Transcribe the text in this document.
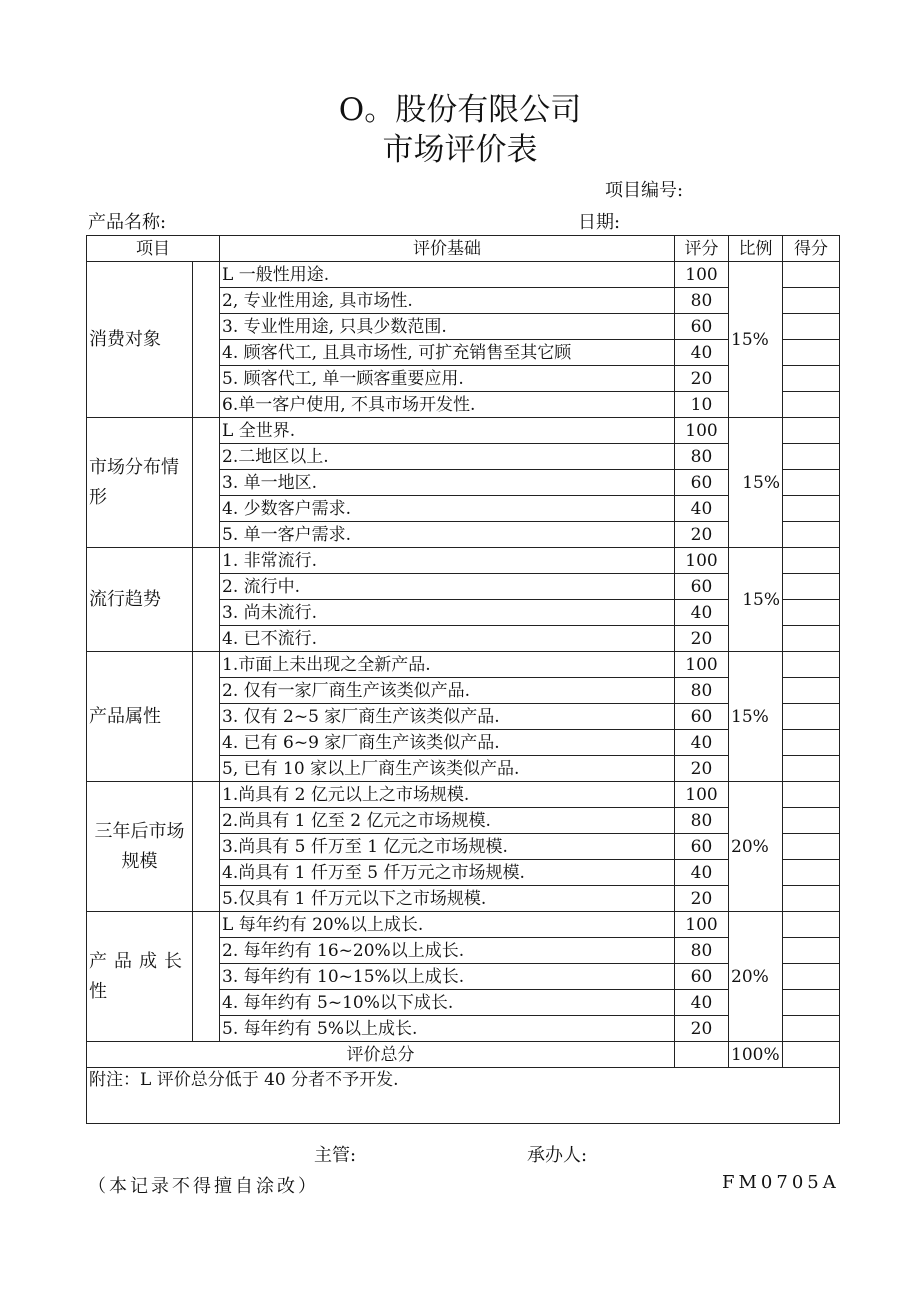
O。股份有限公司
市场评价表
项目编号:
产品名称:	日期:
项目		评价基础	评分	比例	得分
消费对象		L 一般性用途.	100	15%	
		2, 专业性用途, 具市场性.	80		
		3. 专业性用途, 只具少数范围.	60		
		4. 顾客代工, 且具市场性, 可扩充销售至其它顾	40		
		5. 顾客代工, 单一顾客重要应用.	20		
		6.单一客户使用, 不具市场开发性.	10		
市场分布情形		L 全世界.	100	15%	
		2.二地区以上.	80		
		3. 单一地区.	60		
		4. 少数客户需求.	40		
		5. 单一客户需求.	20		
流行趋势		1. 非常流行.	100	15%	
		2. 流行中.	60		
		3. 尚未流行.	40		
		4. 已不流行.	20		
产品属性		1.市面上未出现之全新产品.	100	15%	
		2. 仅有一家厂商生产该类似产品.	80		
		3. 仅有 2~5 家厂商生产该类似产品.	60		
		4. 已有 6~9 家厂商生产该类似产品.	40		
		5, 已有 10 家以上厂商生产该类似产品.	20		
三年后市场规模		1.尚具有 2 亿元以上之市场规模.	100	20%	
		2.尚具有 1 亿至 2 亿元之市场规模.	80		
		3.尚具有 5 仟万至 1 亿元之市场规模.	60		
		4.尚具有 1 仟万至 5 仟万元之市场规模.	40		
		5.仅具有 1 仟万元以下之市场规模.	20		
产品成长性		L 每年约有 20%以上成长.	100	20%	
		2. 每年约有 16~20%以上成长.	80		
		3. 每年约有 10~15%以上成长.	60		
		4. 每年约有 5~10%以下成长.	40		
		5. 每年约有 5%以上成长.	20		
评价总分				100%	
附注：L 评价总分低于 40 分者不予开发.					
主管:	承办人:
（本记录不得擅自涂改）	FM0705A
